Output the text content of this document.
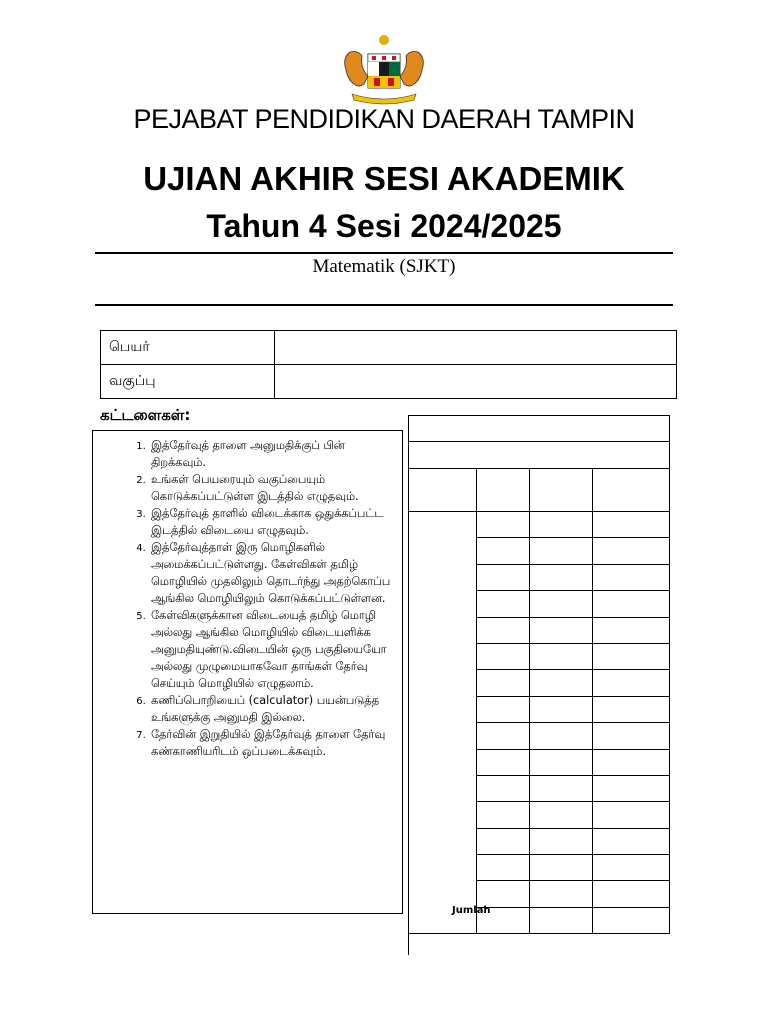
PEJABAT PENDIDIKAN DAERAH TAMPIN
UJIAN AKHIR SESI AKADEMIK
Tahun 4 Sesi 2024/2025
Matematik (SJKT)
பெயர்	
வகுப்பு	
கட்டளைகள்:
1. இத்தேர்வுத் தாளை அனுமதிக்குப் பின் திறக்கவும்.
2. உங்கள் பெயரையும் வகுப்பையும் கொடுக்கப்பட்டுள்ள இடத்தில் எழுதவும்.
3. இத்தேர்வுத் தாளில் விடைக்காக ஒதுக்கப்பட்ட இடத்தில் விடையை எழுதவும்.
4. இத்தேர்வுத்தாள் இரு மொழிகளில் அமைக்கப்பட்டுள்ளது. கேள்விகள் தமிழ் மொழியில் முதலிலும் தொடர்ந்து அதற்கொப்ப ஆங்கில மொழியிலும் கொடுக்கப்பட்டுள்ளன.
5. கேள்விகளுக்கான விடையைத் தமிழ் மொழி அல்லது ஆங்கில மொழியில் விடையளிக்க அனுமதியுண்டு.விடையின் ஒரு பகுதியையோ அல்லது முழுமையாகவோ தாங்கள் தேர்வு செய்யும் மொழியில் எழுதலாம்.
6. கணிப்பொறியைப் (calculator) பயன்படுத்த உங்களுக்கு அனுமதி இல்லை.
7. தேர்வின் இறுதியில் இத்தேர்வுத் தாளை தேர்வு கண்காணியரிடம் ஒப்படைக்கவும்.
Jumlah
